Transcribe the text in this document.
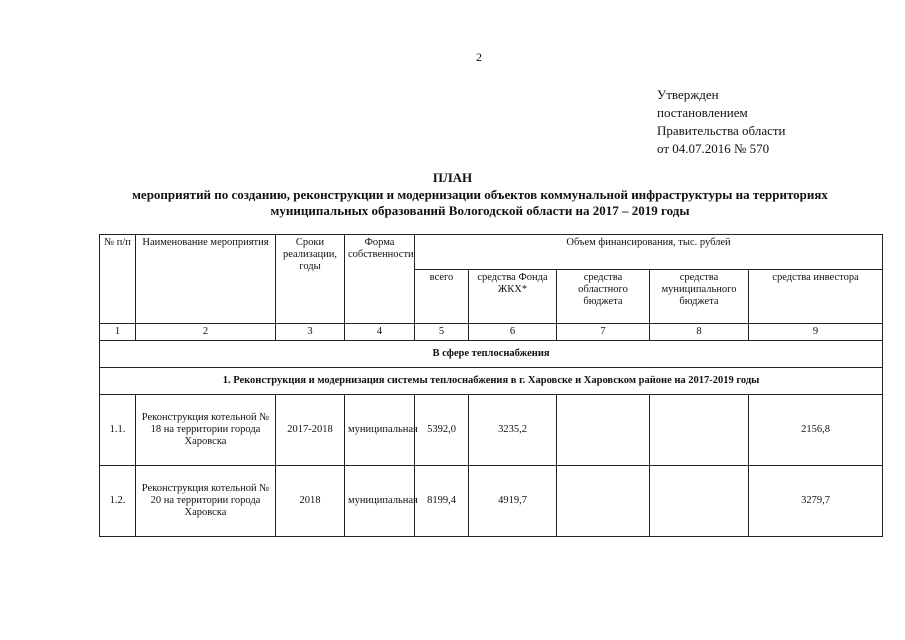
2
Утвержден
постановлением
Правительства области
от 04.07.2016 № 570
ПЛАН
мероприятий по созданию, реконструкции и модернизации объектов коммунальной инфраструктуры на территориях муниципальных образований Вологодской области на 2017 – 2019 годы
№ п/п	Наименование мероприятия	Сроки реализации, годы	Форма собственности	Объем финансирования, тыс. рублей				
				всего	средства Фонда ЖКХ*	средства областного бюджета	средства муниципального бюджета	средства инвестора
1	2	3	4	5	6	7	8	9
В сфере теплоснабжения								
1. Реконструкция и модернизация системы теплоснабжения в г. Харовске и Харовском районе на 2017-2019 годы								
1.1.	Реконструкция котельной № 18 на территории города Харовска	2017-2018	муниципальная	5392,0	3235,2			2156,8
1.2.	Реконструкция котельной № 20 на территории города Харовска	2018	муниципальная	8199,4	4919,7			3279,7
